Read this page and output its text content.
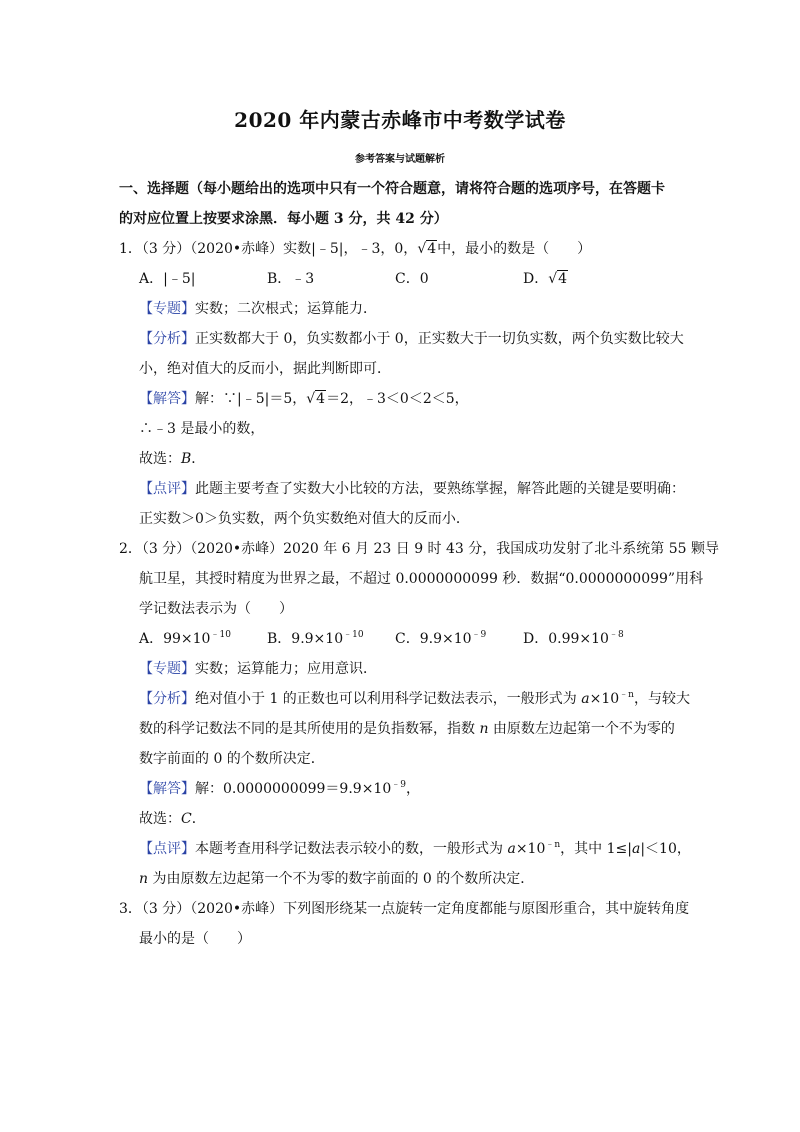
2020 年内蒙古赤峰市中考数学试卷
参考答案与试题解析
一、选择题（每小题给出的选项中只有一个符合题意，请将符合题的选项序号，在答题卡
的对应位置上按要求涂黑．每小题 3 分，共 42 分）
1．（3 分）（2020•赤峰）实数|﹣5|，﹣3，0，√4中，最小的数是（　　）
A．|﹣5|	B．﹣3	C．0	D．√4
【专题】实数；二次根式；运算能力．
【分析】正实数都大于 0，负实数都小于 0，正实数大于一切负实数，两个负实数比较大
小，绝对值大的反而小，据此判断即可．
【解答】解：∵|﹣5|＝5，√4＝2，﹣3＜0＜2＜5，
∴﹣3 是最小的数，
故选：B．
【点评】此题主要考查了实数大小比较的方法，要熟练掌握，解答此题的关键是要明确：
正实数＞0＞负实数，两个负实数绝对值大的反而小．
2．（3 分）（2020•赤峰）2020 年 6 月 23 日 9 时 43 分，我国成功发射了北斗系统第 55 颗导
航卫星，其授时精度为世界之最，不超过 0.0000000099 秒．数据“0.0000000099”用科
学记数法表示为（　　）
A．$99\times 10^{﹣10}$	B．$9.9\times 10^{﹣10}$	C．$9.9\times 10^{﹣9}$	D．$0.99\times 10^{﹣8}$
【专题】实数；运算能力；应用意识．
【分析】绝对值小于 1 的正数也可以利用科学记数法表示，一般形式为 $a\times 10^{﹣n}$，与较大
数的科学记数法不同的是其所使用的是负指数幂，指数 n 由原数左边起第一个不为零的
数字前面的 0 的个数所决定．
【解答】解：$0.0000000099=9.9\times 10^{﹣9}$，
故选：C．
【点评】本题考查用科学记数法表示较小的数，一般形式为 $a\times 10^{﹣n}$，其中 1≤|a|＜10，
n 为由原数左边起第一个不为零的数字前面的 0 的个数所决定．
3．（3 分）（2020•赤峰）下列图形绕某一点旋转一定角度都能与原图形重合，其中旋转角度
最小的是（　　）
